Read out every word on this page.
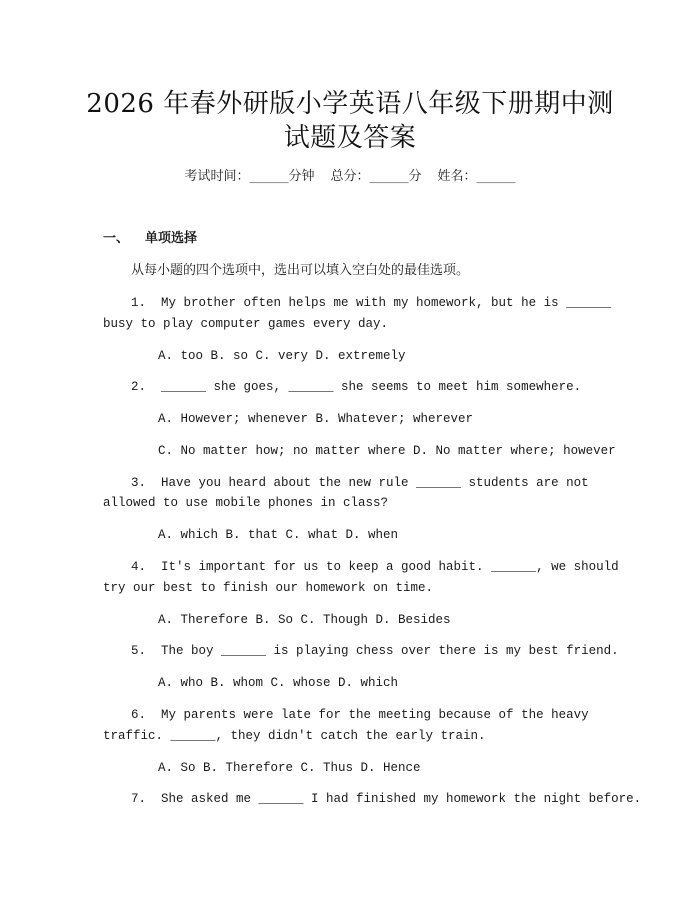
2026 年春外研版小学英语八年级下册期中测
试题及答案
考试时间：______分钟 总分：______分 姓名：______
一、 单项选择
从每小题的四个选项中，选出可以填入空白处的最佳选项。
1.  My brother often helps me with my homework, but he is ______
busy to play computer games every day.
A. too B. so C. very D. extremely
2.  ______ she goes, ______ she seems to meet him somewhere.
A. However; whenever B. Whatever; wherever
C. No matter how; no matter where D. No matter where; however
3.  Have you heard about the new rule ______ students are not
allowed to use mobile phones in class?
A. which B. that C. what D. when
4.  It's important for us to keep a good habit. ______, we should
try our best to finish our homework on time.
A. Therefore B. So C. Though D. Besides
5.  The boy ______ is playing chess over there is my best friend.
A. who B. whom C. whose D. which
6.  My parents were late for the meeting because of the heavy
traffic. ______, they didn't catch the early train.
A. So B. Therefore C. Thus D. Hence
7.  She asked me ______ I had finished my homework the night before.
